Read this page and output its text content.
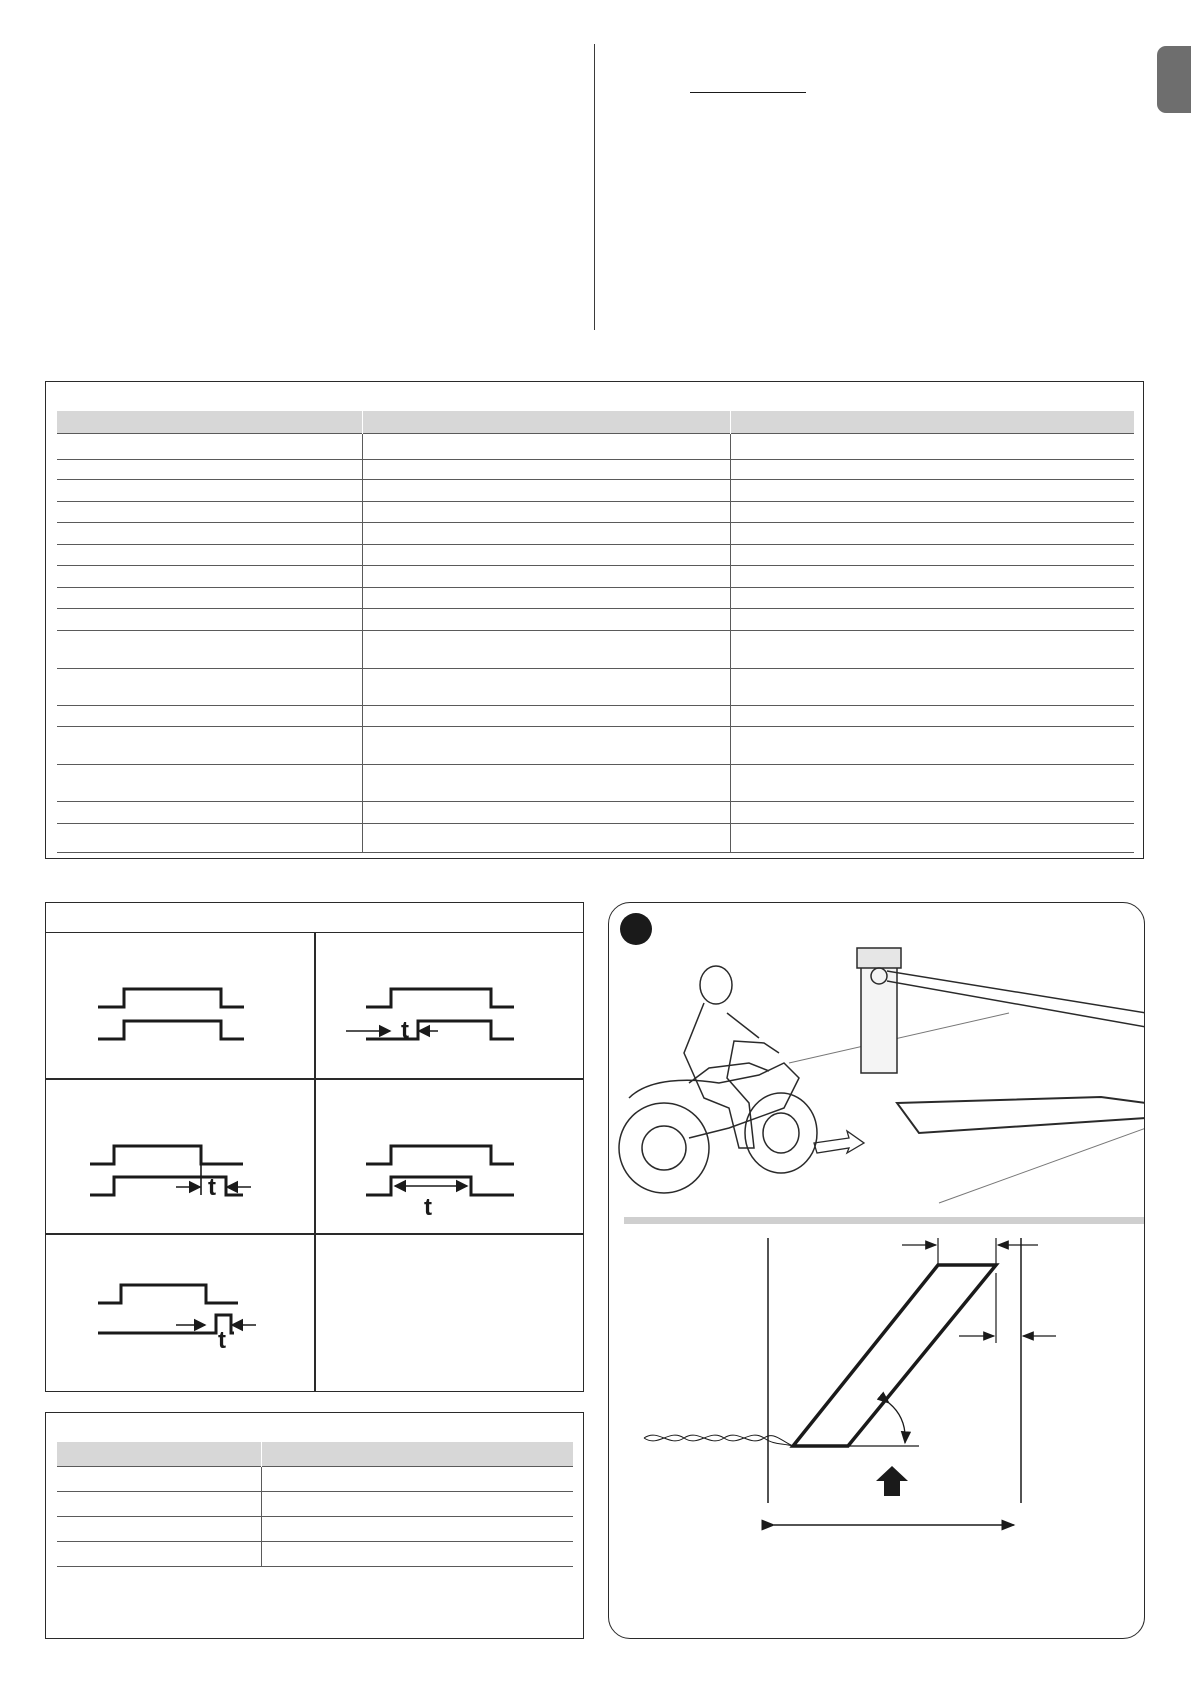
t
t
t
t
